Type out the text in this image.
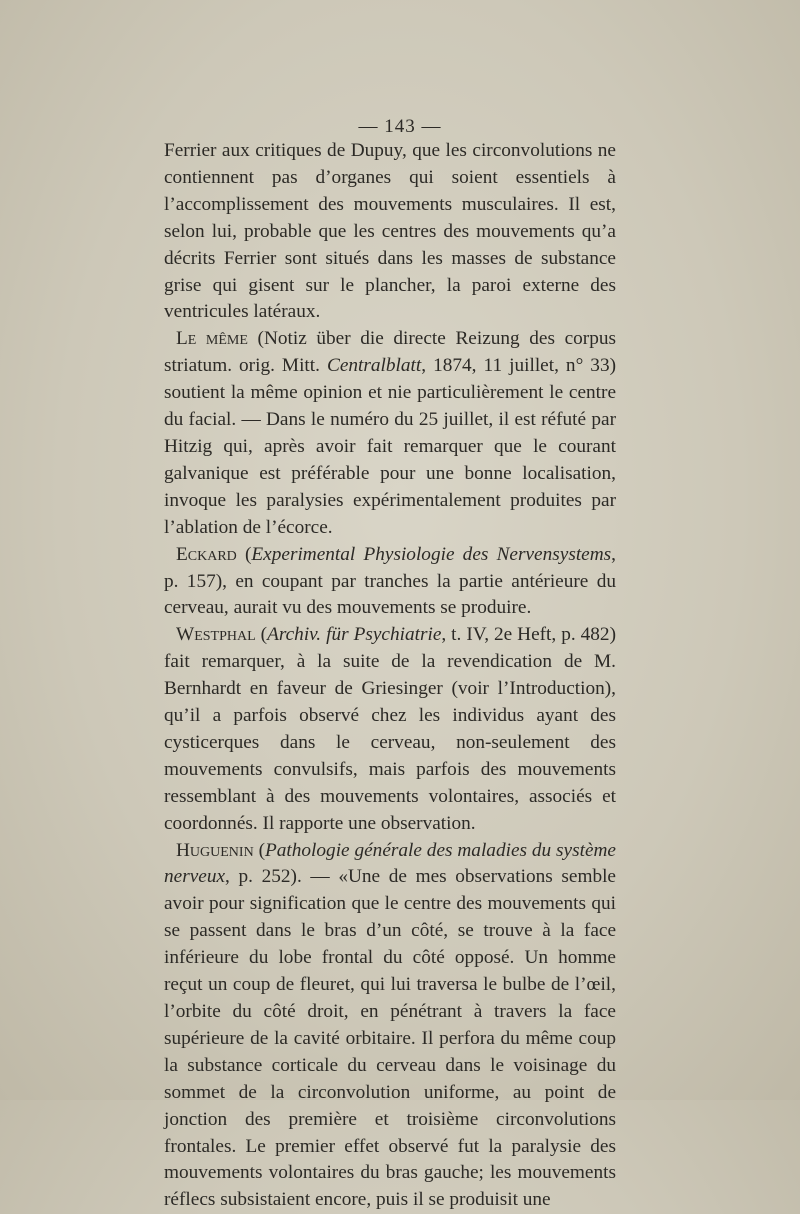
— 143 —

Ferrier aux critiques de Dupuy, que les circonvolutions ne contiennent pas d’organes qui soient essentiels à l’accomplissement des mouvements musculaires. Il est, selon lui, probable que les centres des mouvements qu’a décrits Ferrier sont situés dans les masses de substance grise qui gisent sur le plancher, la paroi externe des ventricules latéraux.

Le même (Notiz über die directe Reizung des corpus striatum. orig. Mitt. Centralblatt, 1874, 11 juillet, n° 33) soutient la même opinion et nie particulièrement le centre du facial. — Dans le numéro du 25 juillet, il est réfuté par Hitzig qui, après avoir fait remarquer que le courant galvanique est préférable pour une bonne localisation, invoque les paralysies expérimentalement produites par l’ablation de l’écorce.

Eckard (Experimental Physiologie des Nervensystems, p. 157), en coupant par tranches la partie antérieure du cerveau, aurait vu des mouvements se produire.

Westphal (Archiv. für Psychiatrie, t. IV, 2e Heft, p. 482) fait remarquer, à la suite de la revendication de M. Bernhardt en faveur de Griesinger (voir l’Introduction), qu’il a parfois observé chez les individus ayant des cysticerques dans le cerveau, non-seulement des mouvements convulsifs, mais parfois des mouvements ressemblant à des mouvements volontaires, associés et coordonnés. Il rapporte une observation.

Huguenin (Pathologie générale des maladies du système nerveux, p. 252). — «Une de mes observations semble avoir pour signification que le centre des mouvements qui se passent dans le bras d’un côté, se trouve à la face inférieure du lobe frontal du côté opposé. Un homme reçut un coup de fleuret, qui lui traversa le bulbe de l’œil, l’orbite du côté droit, en pénétrant à travers la face supérieure de la cavité orbitaire. Il perfora du même coup la substance corticale du cerveau dans le voisinage du sommet de la circonvolution uniforme, au point de jonction des première et troisième circonvolutions frontales. Le premier effet observé fut la paralysie des mouvements volontaires du bras gauche; les mouvements réflecs subsistaient encore, puis il se produisit une
